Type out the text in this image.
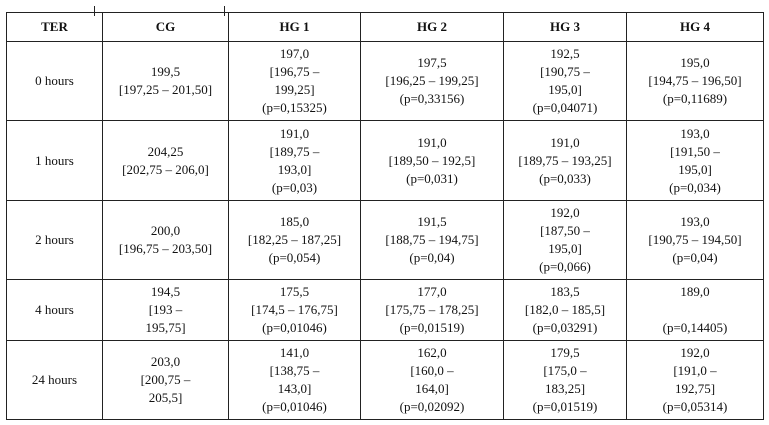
TER	CG	HG 1	HG 2	HG 3	HG 4
0 hours	199,5
[197,25 – 201,50]	197,0
[196,75 –
199,25]
(p=0,15325)	197,5
[196,25 – 199,25]
(p=0,33156)	192,5
[190,75 –
195,0]
(p=0,04071)	195,0
[194,75 – 196,50]
(p=0,11689)

1 hours	204,25
[202,75 – 206,0]	191,0
[189,75 –
193,0]
(p=0,03)	191,0
[189,50 – 192,5]
(p=0,031)	191,0
[189,75 – 193,25]
(p=0,033)	193,0
[191,50 –
195,0]
(p=0,034)

2 hours	200,0
[196,75 – 203,50]	185,0
[182,25 – 187,25]
(p=0,054)	191,5
[188,75 – 194,75]
(p=0,04)	192,0
[187,50 –
195,0]
(p=0,066)	193,0
[190,75 – 194,50]
(p=0,04)

4 hours	194,5
[193 –
195,75]	175,5
[174,5 – 176,75]
(p=0,01046)	177,0
[175,75 – 178,25]
(p=0,01519)	183,5
[182,0 – 185,5]
(p=0,03291)	189,0

(p=0,14405)

24 hours	203,0
[200,75 –
205,5]	141,0
[138,75 –
143,0]
(p=0,01046)	162,0
[160,0 –
164,0]
(p=0,02092)	179,5
[175,0 –
183,25]
(p=0,01519)	192,0
[191,0 –
192,75]
(p=0,05314)
